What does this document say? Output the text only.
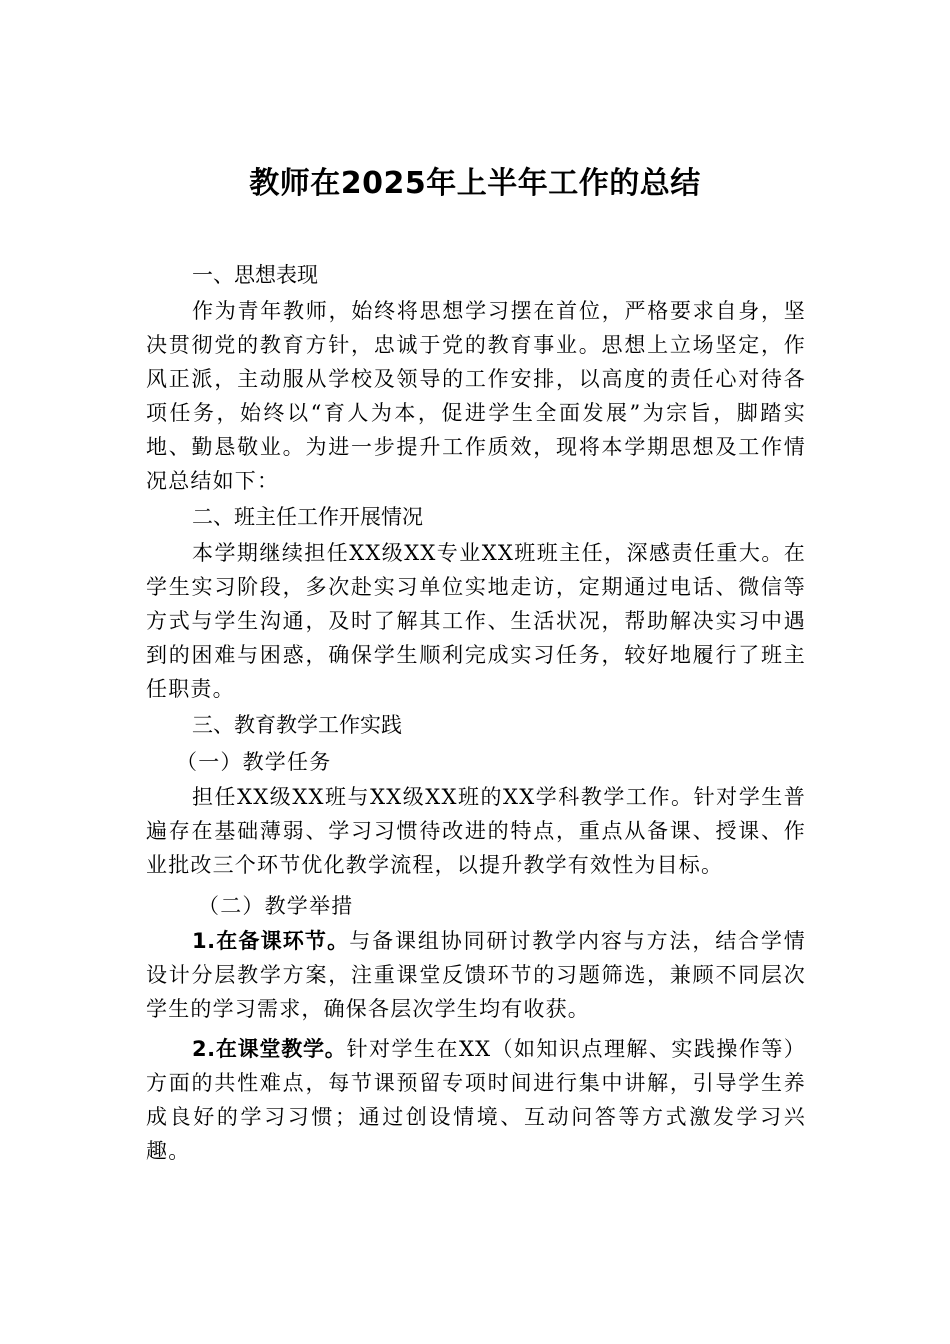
教师在2025年上半年工作的总结
一、思想表现
作为青年教师，始终将思想学习摆在首位，严格要求自身，坚决贯彻党的教育方针，忠诚于党的教育事业。思想上立场坚定，作风正派，主动服从学校及领导的工作安排，以高度的责任心对待各项任务，始终以“育人为本，促进学生全面发展”为宗旨，脚踏实地、勤恳敬业。为进一步提升工作质效，现将本学期思想及工作情况总结如下：
二、班主任工作开展情况
本学期继续担任XX级XX专业XX班班主任，深感责任重大。在学生实习阶段，多次赴实习单位实地走访，定期通过电话、微信等方式与学生沟通，及时了解其工作、生活状况，帮助解决实习中遇到的困难与困惑，确保学生顺利完成实习任务，较好地履行了班主任职责。
三、教育教学工作实践
（一）教学任务
担任XX级XX班与XX级XX班的XX学科教学工作。针对学生普遍存在基础薄弱、学习习惯待改进的特点，重点从备课、授课、作业批改三个环节优化教学流程，以提升教学有效性为目标。
（二）教学举措
1.在备课环节。与备课组协同研讨教学内容与方法，结合学情设计分层教学方案，注重课堂反馈环节的习题筛选，兼顾不同层次学生的学习需求，确保各层次学生均有收获。
2.在课堂教学。针对学生在XX（如知识点理解、实践操作等）方面的共性难点，每节课预留专项时间进行集中讲解，引导学生养成良好的学习习惯；通过创设情境、互动问答等方式激发学习兴趣。
